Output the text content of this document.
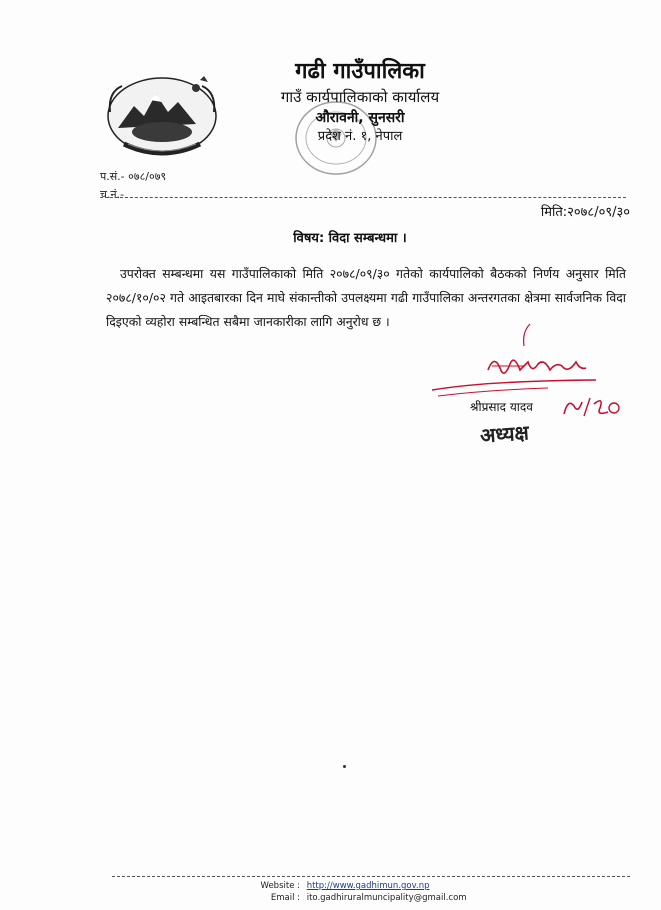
गढी गाउँपालिका
गाउँ कार्यपालिकाको कार्यालय
औरावनी, सुनसरी
प्रदेश नं. १, नेपाल
प.सं.- ०७८/०७९
च.नं.-
मिति:२०७८/०९/३०
विषय: विदा सम्बन्धमा ।
उपरोक्त सम्बन्धमा यस गाउँपालिकाको मिति २०७८/०९/३० गतेको कार्यपालिको बैठकको निर्णय अनुसार मिति २०७८/१०/०२ गते आइतबारका दिन माघे संकान्तीको उपलक्ष्यमा गढी गाउँपालिका अन्तरगतका क्षेत्रमा सार्वजनिक विदा दिइएको व्यहोरा सम्बन्धित सबैमा जानकारीका लागि अनुरोध छ ।
श्रीप्रसाद यादव
अध्यक्ष
Website : http://www.gadhimun.gov.np
Email : ito.gadhiruralmuncipality@gmail.com
